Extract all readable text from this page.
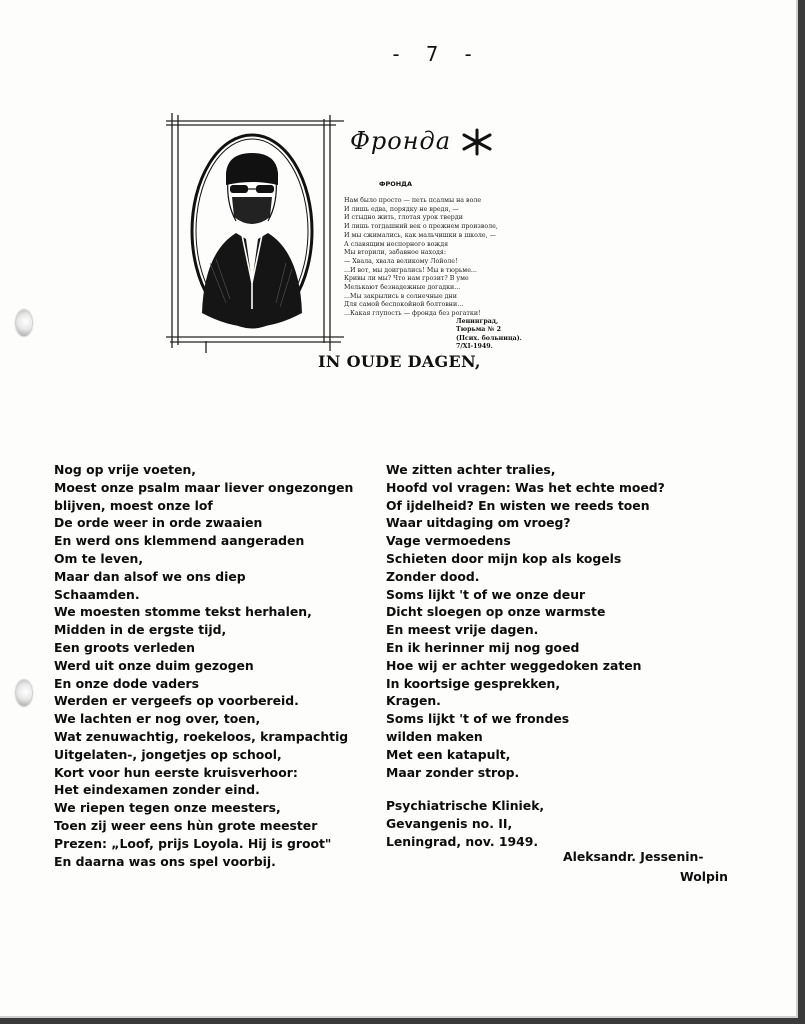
- 7 -
Фронда
ФРОНДА
Нам было просто — петь псалмы на воле
И лишь едва, порядку не вредя, —
И стыдно жить, глотая урок тверди
И лишь тогдашний век о прежнем произволе,
И мы сжимались, как мальчишки в школе, —
А славящим неспорного вождя
Мы вторили, забавное находя:
— Хвала, хвала великому Лойоле!
...И вот, мы доигрались! Мы в тюрьме...
Кривы ли мы? Что нам грозит? В уме
Мелькают безнадежные догадки...
...Мы закрылись в солнечные дни
Для самой беспокойной болтовни...
...Какая глупость — фронда без рогатки!
Ленинград,
Тюрьма № 2
(Псих. больница).
7/XI-1949.
IN OUDE DAGEN,
Nog op vrije voeten,
Moest onze psalm maar liever ongezongen
blijven, moest onze lof
De orde weer in orde zwaaien
En werd ons klemmend aangeraden
Om te leven,
Maar dan alsof we ons diep
Schaamden.
We moesten stomme tekst herhalen,
Midden in de ergste tijd,
Een groots verleden
Werd uit onze duim gezogen
En onze dode vaders
Werden er vergeefs op voorbereid.
We lachten er nog over, toen,
Wat zenuwachtig, roekeloos, krampachtig
Uitgelaten-, jongetjes op school,
Kort voor hun eerste kruisverhoor:
Het eindexamen zonder eind.
We riepen tegen onze meesters,
Toen zij weer eens hùn grote meester
Prezen: „Loof, prijs Loyola. Hij is groot"
En daarna was ons spel voorbij.
We zitten achter tralies,
Hoofd vol vragen: Was het echte moed?
Of ijdelheid? En wisten we reeds toen
Waar uitdaging om vroeg?
Vage vermoedens
Schieten door mijn kop als kogels
Zonder dood.
Soms lijkt 't of we onze deur
Dicht sloegen op onze warmste
En meest vrije dagen.
En ik herinner mij nog goed
Hoe wij er achter weggedoken zaten
In koortsige gesprekken,
Kragen.
Soms lijkt 't of we frondes
wilden maken
Met een katapult,
Maar zonder strop.
Psychiatrische Kliniek,
Gevangenis no. II,
Leningrad, nov. 1949.
Aleksandr. Jessenin-
Wolpin
